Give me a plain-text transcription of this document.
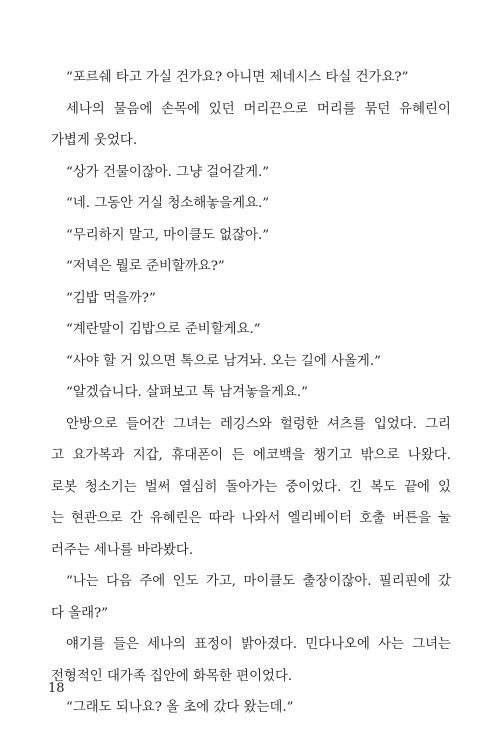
“포르쉐 타고 가실 건가요? 아니면 제네시스 타실 건가요?”
세나의 물음에 손목에 있던 머리끈으로 머리를 묶던 유혜린이
가볍게 웃었다.
“상가 건물이잖아. 그냥 걸어갈게.”
“네. 그동안 거실 청소해놓을게요.”
“무리하지 말고, 마이클도 없잖아.”
“저녁은 뭘로 준비할까요?”
“김밥 먹을까?”
“계란말이 김밥으로 준비할게요.”
“사야 할 거 있으면 톡으로 남겨놔. 오는 길에 사올게.”
“알겠습니다. 살펴보고 톡 남겨놓을게요.”
안방으로 들어간 그녀는 레깅스와 헐렁한 셔츠를 입었다. 그리
고 요가복과 지갑, 휴대폰이 든 에코백을 챙기고 밖으로 나왔다.
로봇 청소기는 벌써 열심히 돌아가는 중이었다. 긴 복도 끝에 있
는 현관으로 간 유혜린은 따라 나와서 엘리베이터 호출 버튼을 눌
러주는 세나를 바라봤다.
“나는 다음 주에 인도 가고, 마이클도 출장이잖아. 필리핀에 갔
다 올래?”
얘기를 들은 세나의 표정이 밝아졌다. 민다나오에 사는 그녀는
전형적인 대가족 집안에 화목한 편이었다.
“그래도 되나요? 올 초에 갔다 왔는데.”
18
